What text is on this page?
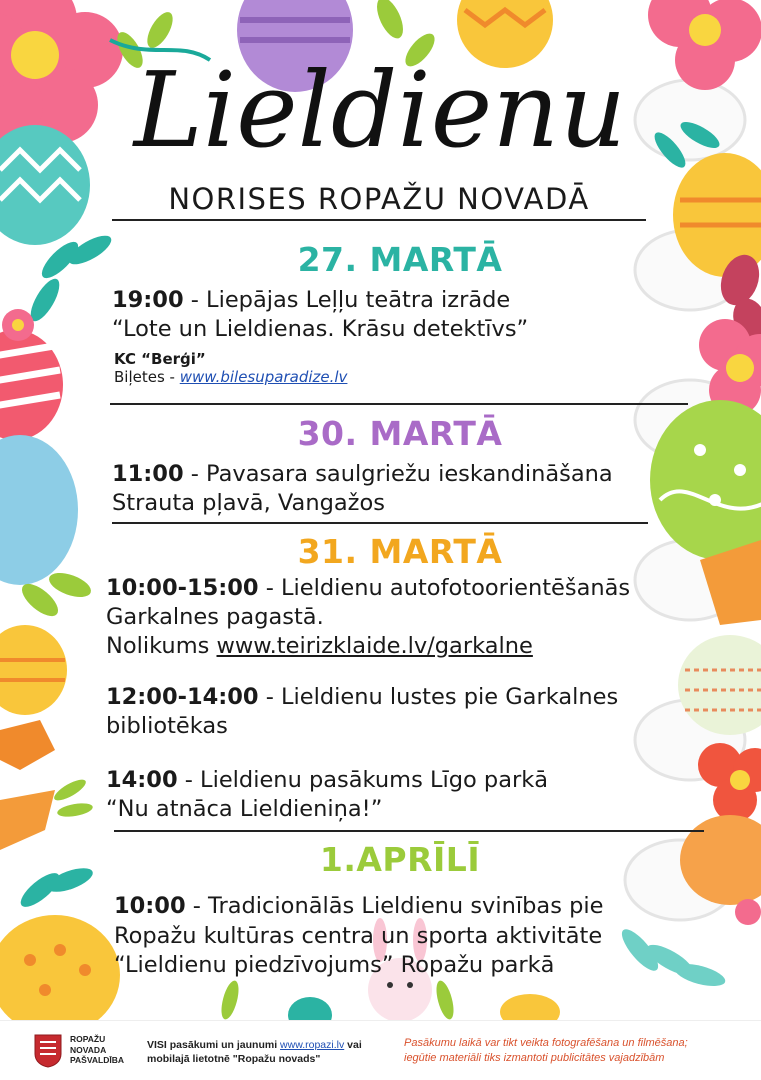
Lieldienu
NORISES ROPAŽU NOVADĀ
27. MARTĀ
19:00 - Liepājas Leļļu teātra izrāde
“Lote un Lieldienas. Krāsu detektīvs”
KC “Berģi”
Biļetes - www.bilesuparadize.lv
30. MARTĀ
11:00 - Pavasara saulgriežu ieskandināšana
Strauta pļavā, Vangažos
31. MARTĀ
10:00-15:00 - Lieldienu autofotoorientēšanās
Garkalnes pagastā.
Nolikums www.teirizklaide.lv/garkalne
12:00-14:00 - Lieldienu lustes pie Garkalnes
bibliotēkas
14:00 - Lieldienu pasākums Līgo parkā
“Nu atnāca Lieldieniņa!”
1.APRĪLĪ
10:00 - Tradicionālās Lieldienu svinības pie
Ropažu kultūras centra un sporta aktivitāte
“Lieldienu piedzīvojums” Ropažu parkā
ROPAŽU
NOVADA
PAŠVALDĪBA
VISI pasākumi un jaunumi www.ropazi.lv vai mobilajā lietotnē "Ropažu novads"
Pasākumu laikā var tikt veikta fotografēšana un filmēšana;
iegūtie materiāli tiks izmantoti publicitātes vajadzībām
